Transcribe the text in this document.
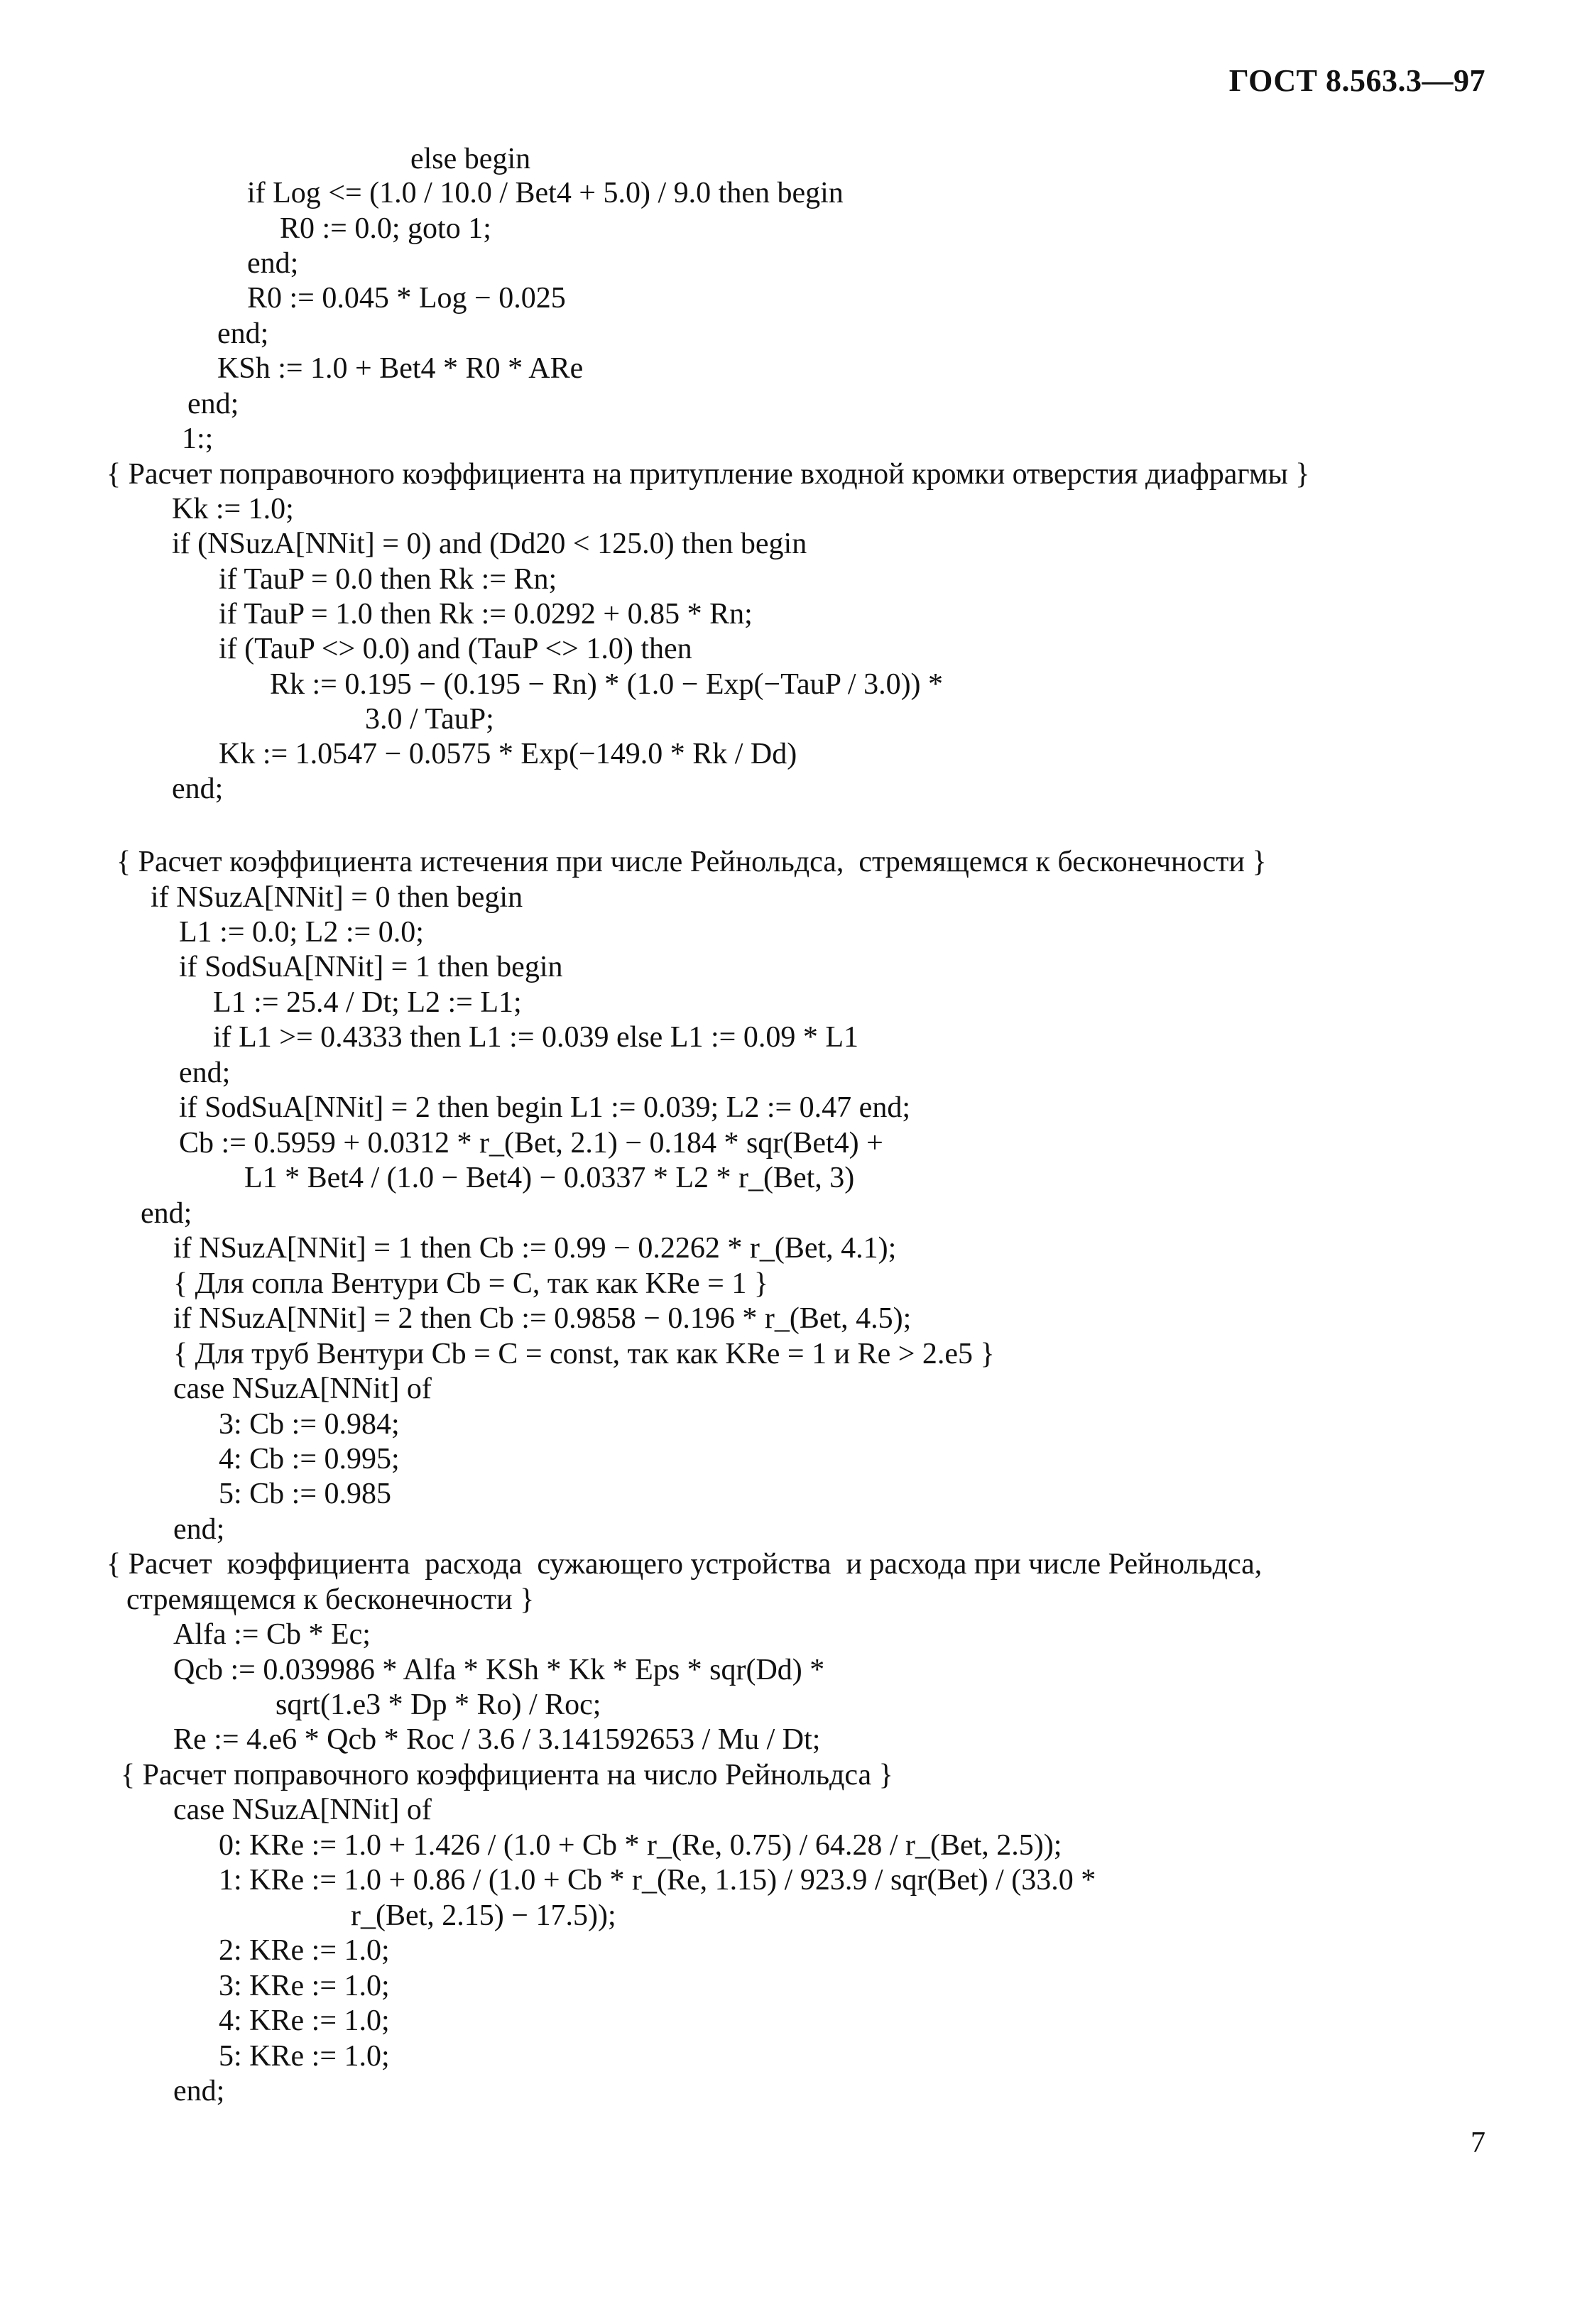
ГОСТ 8.563.3—97
else begin
if Log <= (1.0 / 10.0 / Bet4 + 5.0) / 9.0 then begin
R0 := 0.0; goto 1;
end;
R0 := 0.045 * Log − 0.025
end;
KSh := 1.0 + Bet4 * R0 * ARe
end;
1:;
{ Расчет поправочного коэффициента на притупление входной кромки отверстия диафрагмы }
Kk := 1.0;
if (NSuzA[NNit] = 0) and (Dd20 < 125.0) then begin
if TauP = 0.0 then Rk := Rn;
if TauP = 1.0 then Rk := 0.0292 + 0.85 * Rn;
if (TauP <> 0.0) and (TauP <> 1.0) then
Rk := 0.195 − (0.195 − Rn) * (1.0 − Exp(−TauP / 3.0)) *
3.0 / TauP;
Kk := 1.0547 − 0.0575 * Exp(−149.0 * Rk / Dd)
end;
{ Расчет коэффициента истечения при числе Рейнольдса,  стремящемся к бесконечности }
if NSuzA[NNit] = 0 then begin
L1 := 0.0; L2 := 0.0;
if SodSuA[NNit] = 1 then begin
L1 := 25.4 / Dt; L2 := L1;
if L1 >= 0.4333 then L1 := 0.039 else L1 := 0.09 * L1
end;
if SodSuA[NNit] = 2 then begin L1 := 0.039; L2 := 0.47 end;
Cb := 0.5959 + 0.0312 * r_(Bet, 2.1) − 0.184 * sqr(Bet4) +
L1 * Bet4 / (1.0 − Bet4) − 0.0337 * L2 * r_(Bet, 3)
end;
if NSuzA[NNit] = 1 then Cb := 0.99 − 0.2262 * r_(Bet, 4.1);
{ Для сопла Вентури Cb = C, так как KRe = 1 }
if NSuzA[NNit] = 2 then Cb := 0.9858 − 0.196 * r_(Bet, 4.5);
{ Для труб Вентури Cb = C = const, так как KRe = 1 и Re > 2.e5 }
case NSuzA[NNit] of
3: Cb := 0.984;
4: Cb := 0.995;
5: Cb := 0.985
end;
{ Расчет  коэффициента  расхода  сужающего устройства  и расхода при числе Рейнольдса,
стремящемся к бесконечности }
Alfa := Cb * Ec;
Qcb := 0.039986 * Alfa * KSh * Kk * Eps * sqr(Dd) *
sqrt(1.e3 * Dp * Ro) / Roc;
Re := 4.e6 * Qcb * Roc / 3.6 / 3.141592653 / Mu / Dt;
{ Расчет поправочного коэффициента на число Рейнольдса }
case NSuzA[NNit] of
0: KRe := 1.0 + 1.426 / (1.0 + Cb * r_(Re, 0.75) / 64.28 / r_(Bet, 2.5));
1: KRe := 1.0 + 0.86 / (1.0 + Cb * r_(Re, 1.15) / 923.9 / sqr(Bet) / (33.0 *
r_(Bet, 2.15) − 17.5));
2: KRe := 1.0;
3: KRe := 1.0;
4: KRe := 1.0;
5: KRe := 1.0;
end;
7
